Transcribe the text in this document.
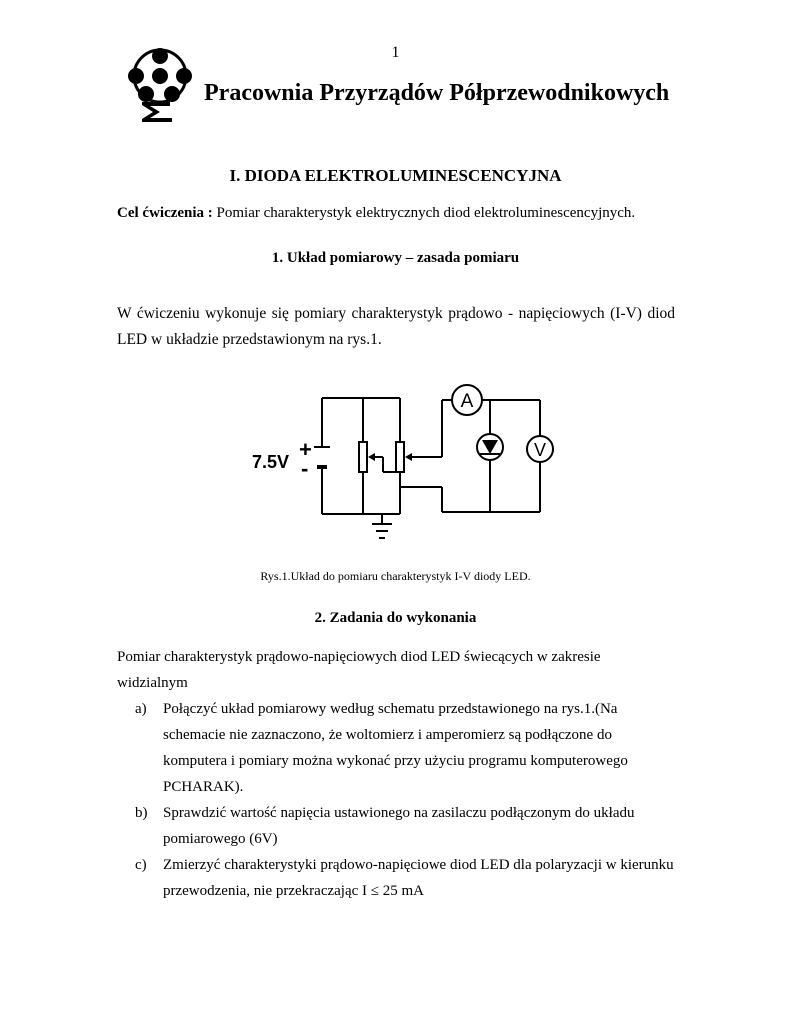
1
Pracownia Przyrządów Półprzewodnikowych
I. DIODA ELEKTROLUMINESCENCYJNA
Cel ćwiczenia : Pomiar charakterystyk elektrycznych diod elektroluminescencyjnych.
1. Układ pomiarowy – zasada pomiaru
W ćwiczeniu wykonuje się pomiary charakterystyk prądowo - napięciowych (I-V) diod LED w układzie przedstawionym na rys.1.
7.5V +
-
A
V
Rys.1.Układ do pomiaru charakterystyk I-V diody LED.
2. Zadania do wykonania
Pomiar charakterystyk prądowo-napięciowych diod LED świecących w zakresie widzialnym
a) Połączyć układ pomiarowy według schematu przedstawionego na rys.1.(Na schemacie nie zaznaczono, że woltomierz i amperomierz są podłączone do komputera i pomiary można wykonać przy użyciu programu komputerowego PCHARAK).
b) Sprawdzić wartość napięcia ustawionego na zasilaczu podłączonym do układu pomiarowego (6V)
c) Zmierzyć charakterystyki prądowo-napięciowe diod LED dla polaryzacji w kierunku przewodzenia, nie przekraczając I ≤ 25 mA
